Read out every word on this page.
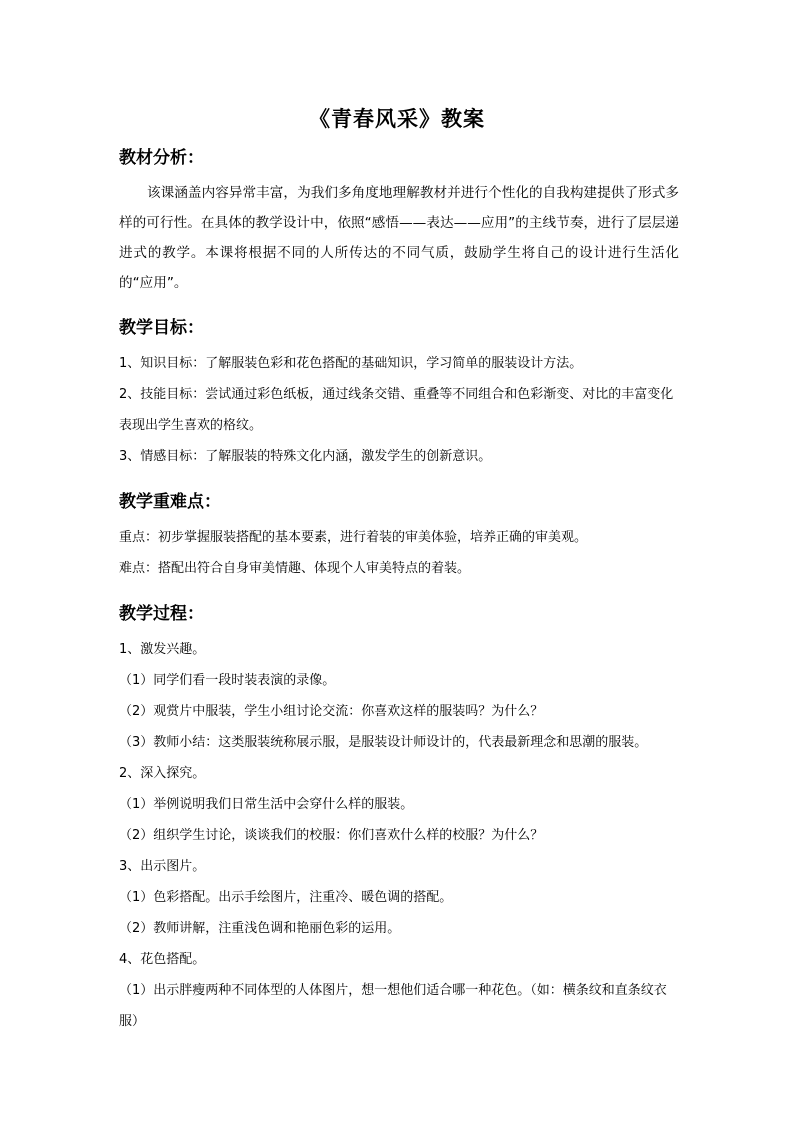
《青春风采》教案
教材分析：

该课涵盖内容异常丰富，为我们多角度地理解教材并进行个性化的自我构建提供了形式多样的可行性。在具体的教学设计中，依照“感悟——表达——应用”的主线节奏，进行了层层递进式的教学。本课将根据不同的人所传达的不同气质，鼓励学生将自己的设计进行生活化的“应用”。

教学目标：

1、知识目标：了解服装色彩和花色搭配的基础知识，学习简单的服装设计方法。

2、技能目标：尝试通过彩色纸板，通过线条交错、重叠等不同组合和色彩渐变、对比的丰富变化表现出学生喜欢的格纹。

3、情感目标：了解服装的特殊文化内涵，激发学生的创新意识。

教学重难点：

重点：初步掌握服装搭配的基本要素，进行着装的审美体验，培养正确的审美观。

难点：搭配出符合自身审美情趣、体现个人审美特点的着装。

教学过程：

1、激发兴趣。

（1）同学们看一段时装表演的录像。

（2）观赏片中服装，学生小组讨论交流：你喜欢这样的服装吗？为什么？

（3）教师小结：这类服装统称展示服，是服装设计师设计的，代表最新理念和思潮的服装。

2、深入探究。

（1）举例说明我们日常生活中会穿什么样的服装。

（2）组织学生讨论，谈谈我们的校服：你们喜欢什么样的校服？为什么？

3、出示图片。

（1）色彩搭配。出示手绘图片，注重冷、暖色调的搭配。

（2）教师讲解，注重浅色调和艳丽色彩的运用。

4、花色搭配。

（1）出示胖瘦两种不同体型的人体图片，想一想他们适合哪一种花色。（如：横条纹和直条纹衣服）
